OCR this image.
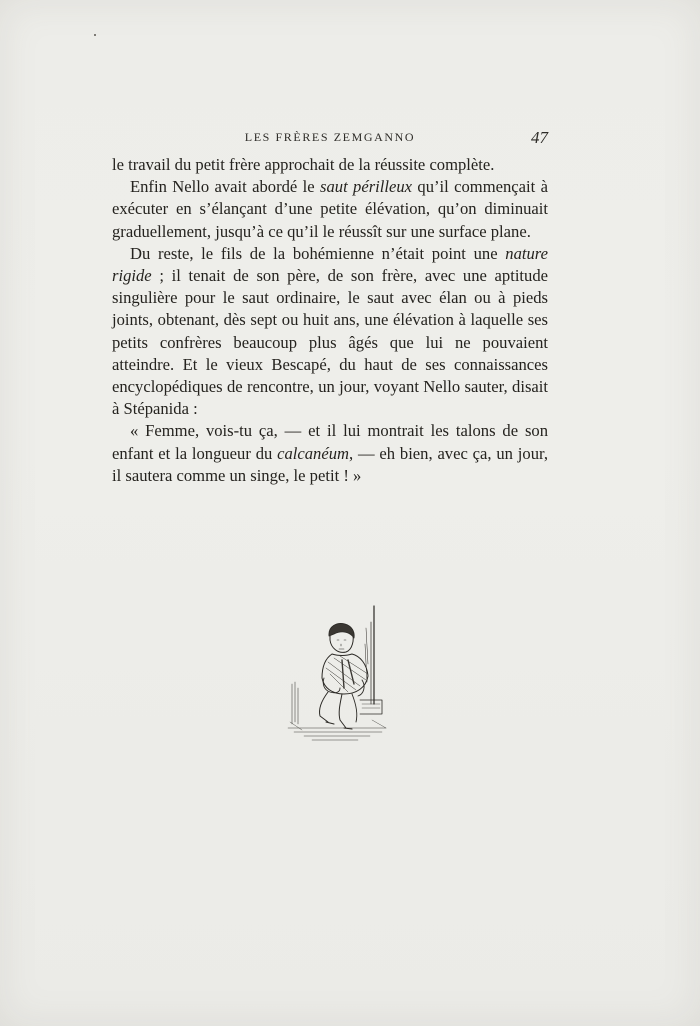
LES FRÈRES ZEMGANNO	47

le travail du petit frère approchait de la réussite complète.

Enfin Nello avait abordé le saut périlleux qu’il commençait à exécuter en s’élançant d’une petite élévation, qu’on diminuait graduellement, jusqu’à ce qu’il le réussît sur une surface plane.

Du reste, le fils de la bohémienne n’était point une nature rigide ; il tenait de son père, de son frère, avec une aptitude singulière pour le saut ordinaire, le saut avec élan ou à pieds joints, obtenant, dès sept ou huit ans, une élévation à laquelle ses petits confrères beaucoup plus âgés que lui ne pouvaient atteindre. Et le vieux Bescapé, du haut de ses connaissances encyclopédiques de rencontre, un jour, voyant Nello sauter, disait à Stépanida :

« Femme, vois-tu ça, — et il lui montrait les talons de son enfant et la longueur du calcanéum, — eh bien, avec ça, un jour, il sautera comme un singe, le petit ! »
